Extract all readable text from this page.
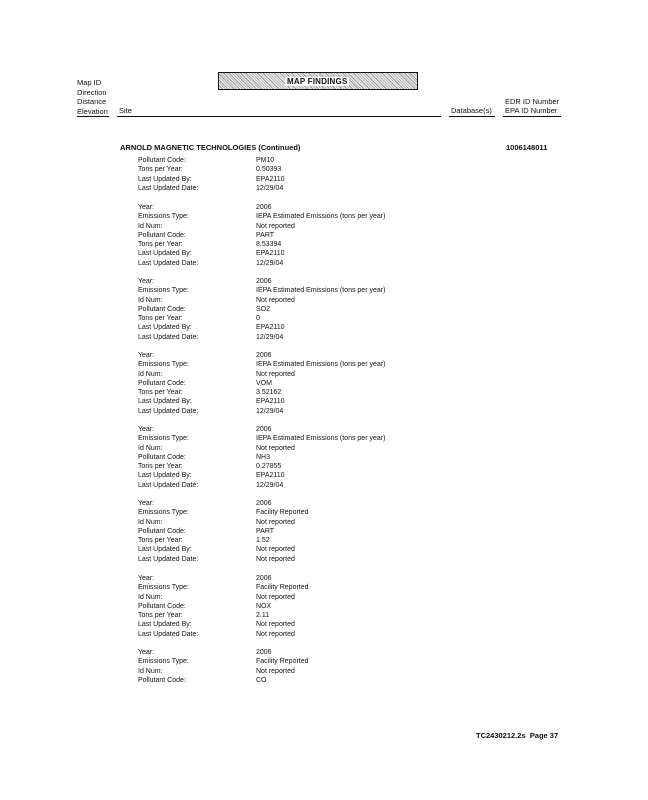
Map ID
Direction
Distance
Elevation Site
MAP FINDINGS
Database(s)
EDR ID Number
EPA ID Number
ARNOLD MAGNETIC TECHNOLOGIES (Continued)	1006148011
Pollutant Code:	PM10
Tons per Year:	0.50393
Last Updated By:	EPA2110
Last Updated Date:	12/29/04
Year:	2006
Emissions Type:	IEPA Estimated Emissions (tons per year)
Id Num:	Not reported
Pollutant Code:	PART
Tons per Year:	8.53394
Last Updated By:	EPA2110
Last Updated Date:	12/29/04
Year:	2006
Emissions Type:	IEPA Estimated Emissions (tons per year)
Id Num:	Not reported
Pollutant Code:	SO2
Tons per Year:	0
Last Updated By:	EPA2110
Last Updated Date:	12/29/04
Year:	2006
Emissions Type:	IEPA Estimated Emissions (tons per year)
Id Num:	Not reported
Pollutant Code:	VOM
Tons per Year:	3.52162
Last Updated By:	EPA2110
Last Updated Date:	12/29/04
Year:	2006
Emissions Type:	IEPA Estimated Emissions (tons per year)
Id Num:	Not reported
Pollutant Code:	NH3
Tons per Year:	0.27855
Last Updated By:	EPA2110
Last Updated Date:	12/29/04
Year:	2006
Emissions Type:	Facility Reported
Id Num:	Not reported
Pollutant Code:	PART
Tons per Year:	1.52
Last Updated By:	Not reported
Last Updated Date:	Not reported
Year:	2006
Emissions Type:	Facility Reported
Id Num:	Not reported
Pollutant Code:	NOX
Tons per Year:	2.11
Last Updated By:	Not reported
Last Updated Date:	Not reported
Year:	2006
Emissions Type:	Facility Reported
Id Num:	Not reported
Pollutant Code:	CO
TC2430212.2s Page 37
